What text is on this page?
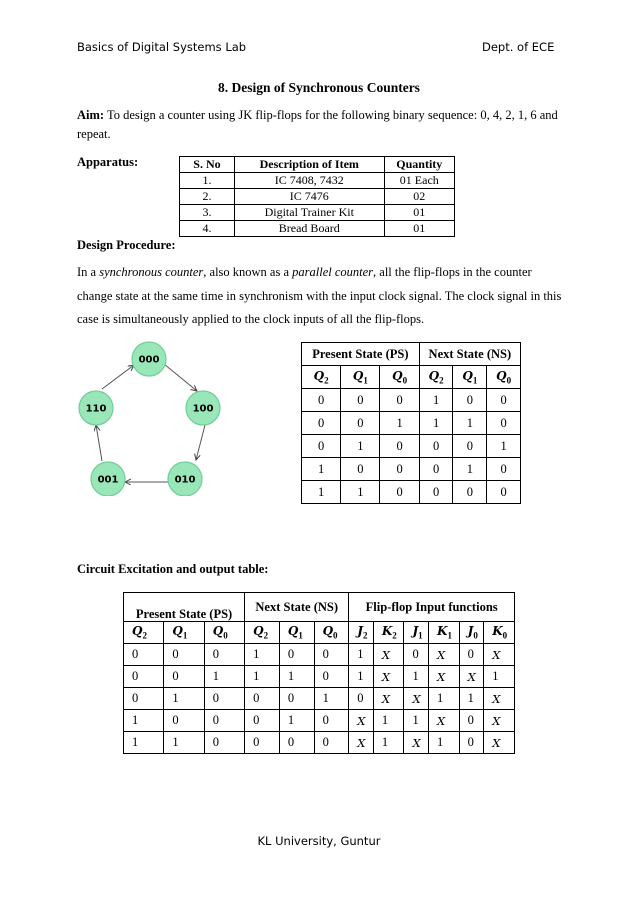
Basics of Digital Systems Lab	Dept. of ECE
8. Design of Synchronous Counters
Aim: To design a counter using JK flip-flops for the following binary sequence: 0, 4, 2, 1, 6 and repeat.
Apparatus:	S. No	Description of Item	Quantity
1.	IC 7408, 7432	01 Each
2.	IC 7476	02
3.	Digital Trainer Kit	01
4.	Bread Board	01
Design Procedure:
In a synchronous counter, also known as a parallel counter, all the flip-flops in the counter change state at the same time in synchronism with the input clock signal. The clock signal in this case is simultaneously applied to the clock inputs of all the flip-flops.
000
100
010
001
110
Present State (PS)			Next State (NS)		
$Q_2$	$Q_1$	$Q_0$	$Q_2$	$Q_1$	$Q_0$
0	0	0	1	0	0
0	0	1	1	1	0
0	1	0	0	0	1
1	0	0	0	1	0
1	1	0	0	0	0
Circuit Excitation and output table:
Present State (PS)			Next State (NS)			Flip-flop Input functions					
$Q_2$	$Q_1$	$Q_0$	$Q_2$	$Q_1$	$Q_0$	$J_2$	$K_2$	$J_1$	$K_1$	$J_0$	$K_0$
0	0	0	1	0	0	1	X	0	X	0	X
0	0	1	1	1	0	1	X	1	X	X	1
0	1	0	0	0	1	0	X	X	1	1	X
1	0	0	0	1	0	X	1	1	X	0	X
1	1	0	0	0	0	X	1	X	1	0	X
KL University, Guntur
